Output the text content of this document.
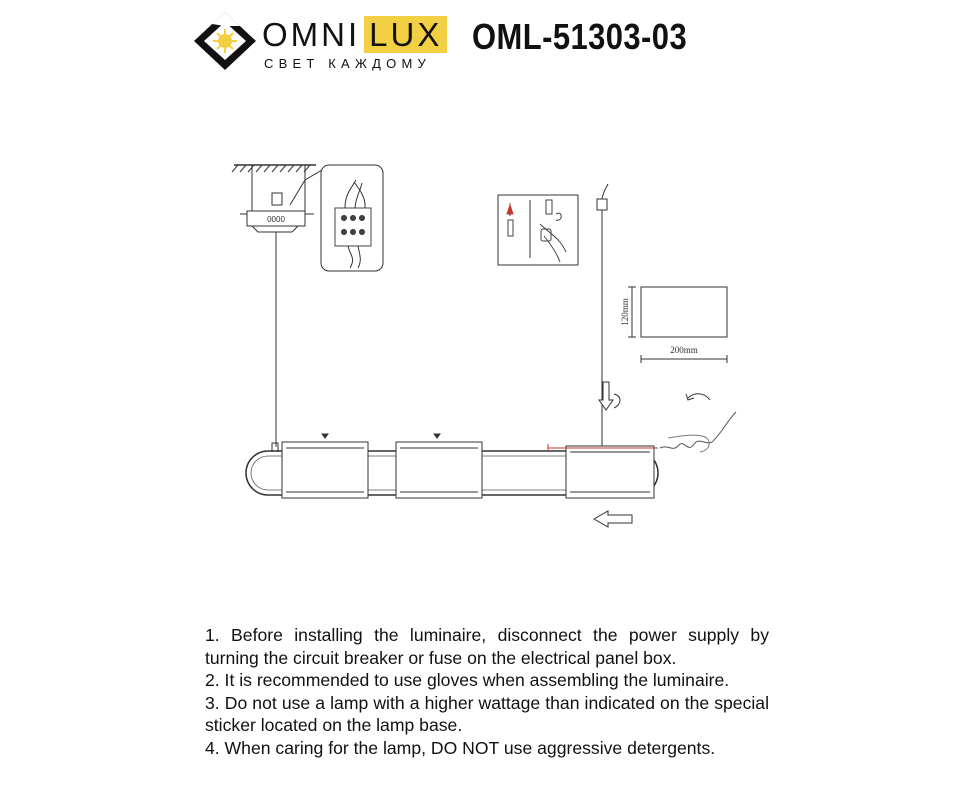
OMNI LUX
СВЕТ КАЖДОМУ
OML-51303-03
0000
120mm
200mm

1. Before installing the luminaire, disconnect the power supply by turning the circuit breaker or fuse on the electrical panel box.

2. It is recommended to use gloves when assembling the luminaire.

3. Do not use a lamp with a higher wattage than indicated on the special sticker located on the lamp base.

4. When caring for the lamp, DO NOT use aggressive detergents.
